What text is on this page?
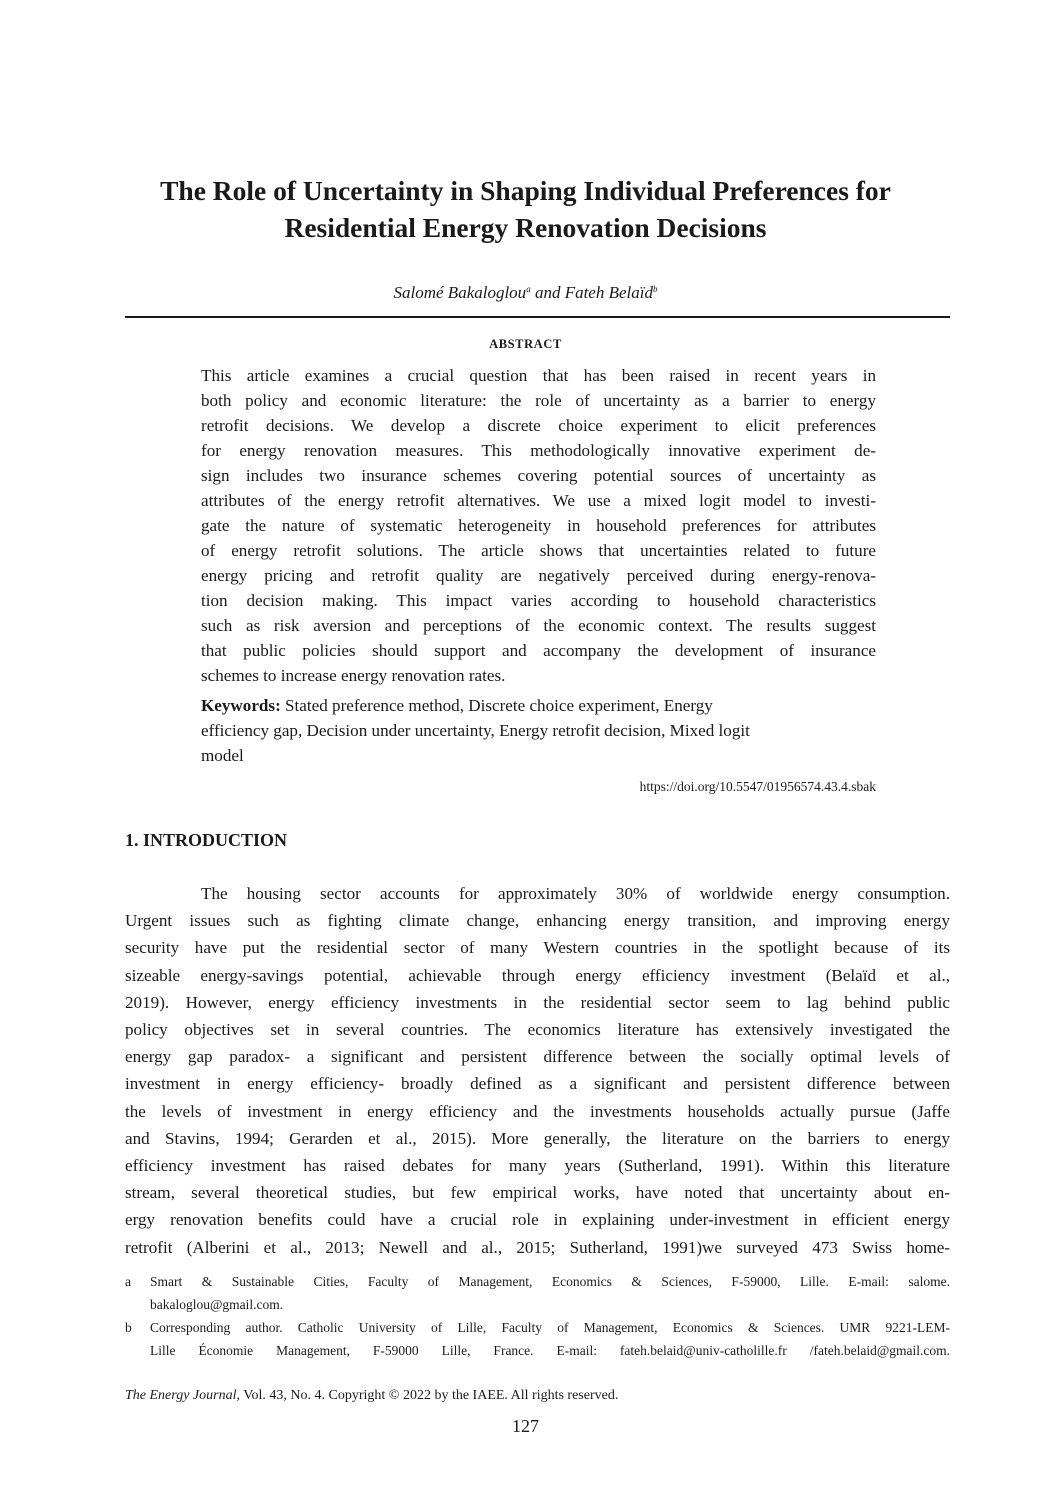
The Role of Uncertainty in Shaping Individual Preferences for
Residential Energy Renovation Decisions
Salomé Bakaloglou$^a$ and Fateh Belaïd$^b$
ABSTRACT
This article examines a crucial question that has been raised in recent years in
both policy and economic literature: the role of uncertainty as a barrier to energy
retrofit decisions. We develop a discrete choice experiment to elicit preferences
for energy renovation measures. This methodologically innovative experiment de-
sign includes two insurance schemes covering potential sources of uncertainty as
attributes of the energy retrofit alternatives. We use a mixed logit model to investi-
gate the nature of systematic heterogeneity in household preferences for attributes
of energy retrofit solutions. The article shows that uncertainties related to future
energy pricing and retrofit quality are negatively perceived during energy-renova-
tion decision making. This impact varies according to household characteristics
such as risk aversion and perceptions of the economic context. The results suggest
that public policies should support and accompany the development of insurance
schemes to increase energy renovation rates.
Keywords: Stated preference method, Discrete choice experiment, Energy
efficiency gap, Decision under uncertainty, Energy retrofit decision, Mixed logit
model
https://doi.org/10.5547/01956574.43.4.sbak
1. INTRODUCTION
The housing sector accounts for approximately 30% of worldwide energy consumption.
Urgent issues such as fighting climate change, enhancing energy transition, and improving energy
security have put the residential sector of many Western countries in the spotlight because of its
sizeable energy-savings potential, achievable through energy efficiency investment (Belaïd et al.,
2019). However, energy efficiency investments in the residential sector seem to lag behind public
policy objectives set in several countries. The economics literature has extensively investigated the
energy gap paradox- a significant and persistent difference between the socially optimal levels of
investment in energy efficiency- broadly defined as a significant and persistent difference between
the levels of investment in energy efficiency and the investments households actually pursue (Jaffe
and Stavins, 1994; Gerarden et al., 2015). More generally, the literature on the barriers to energy
efficiency investment has raised debates for many years (Sutherland, 1991). Within this literature
stream, several theoretical studies, but few empirical works, have noted that uncertainty about en-
ergy renovation benefits could have a crucial role in explaining under-investment in efficient energy
retrofit (Alberini et al., 2013; Newell and al., 2015; Sutherland, 1991)we surveyed 473 Swiss home-
a Smart & Sustainable Cities, Faculty of Management, Economics & Sciences, F-59000, Lille. E-mail: salome.
bakaloglou@gmail.com.
b Corresponding author. Catholic University of Lille, Faculty of Management, Economics & Sciences. UMR 9221-LEM-
Lille Économie Management, F-59000 Lille, France. E-mail: fateh.belaid@univ-catholille.fr /fateh.belaid@gmail.com.
The Energy Journal, Vol. 43, No. 4. Copyright © 2022 by the IAEE. All rights reserved.
127
